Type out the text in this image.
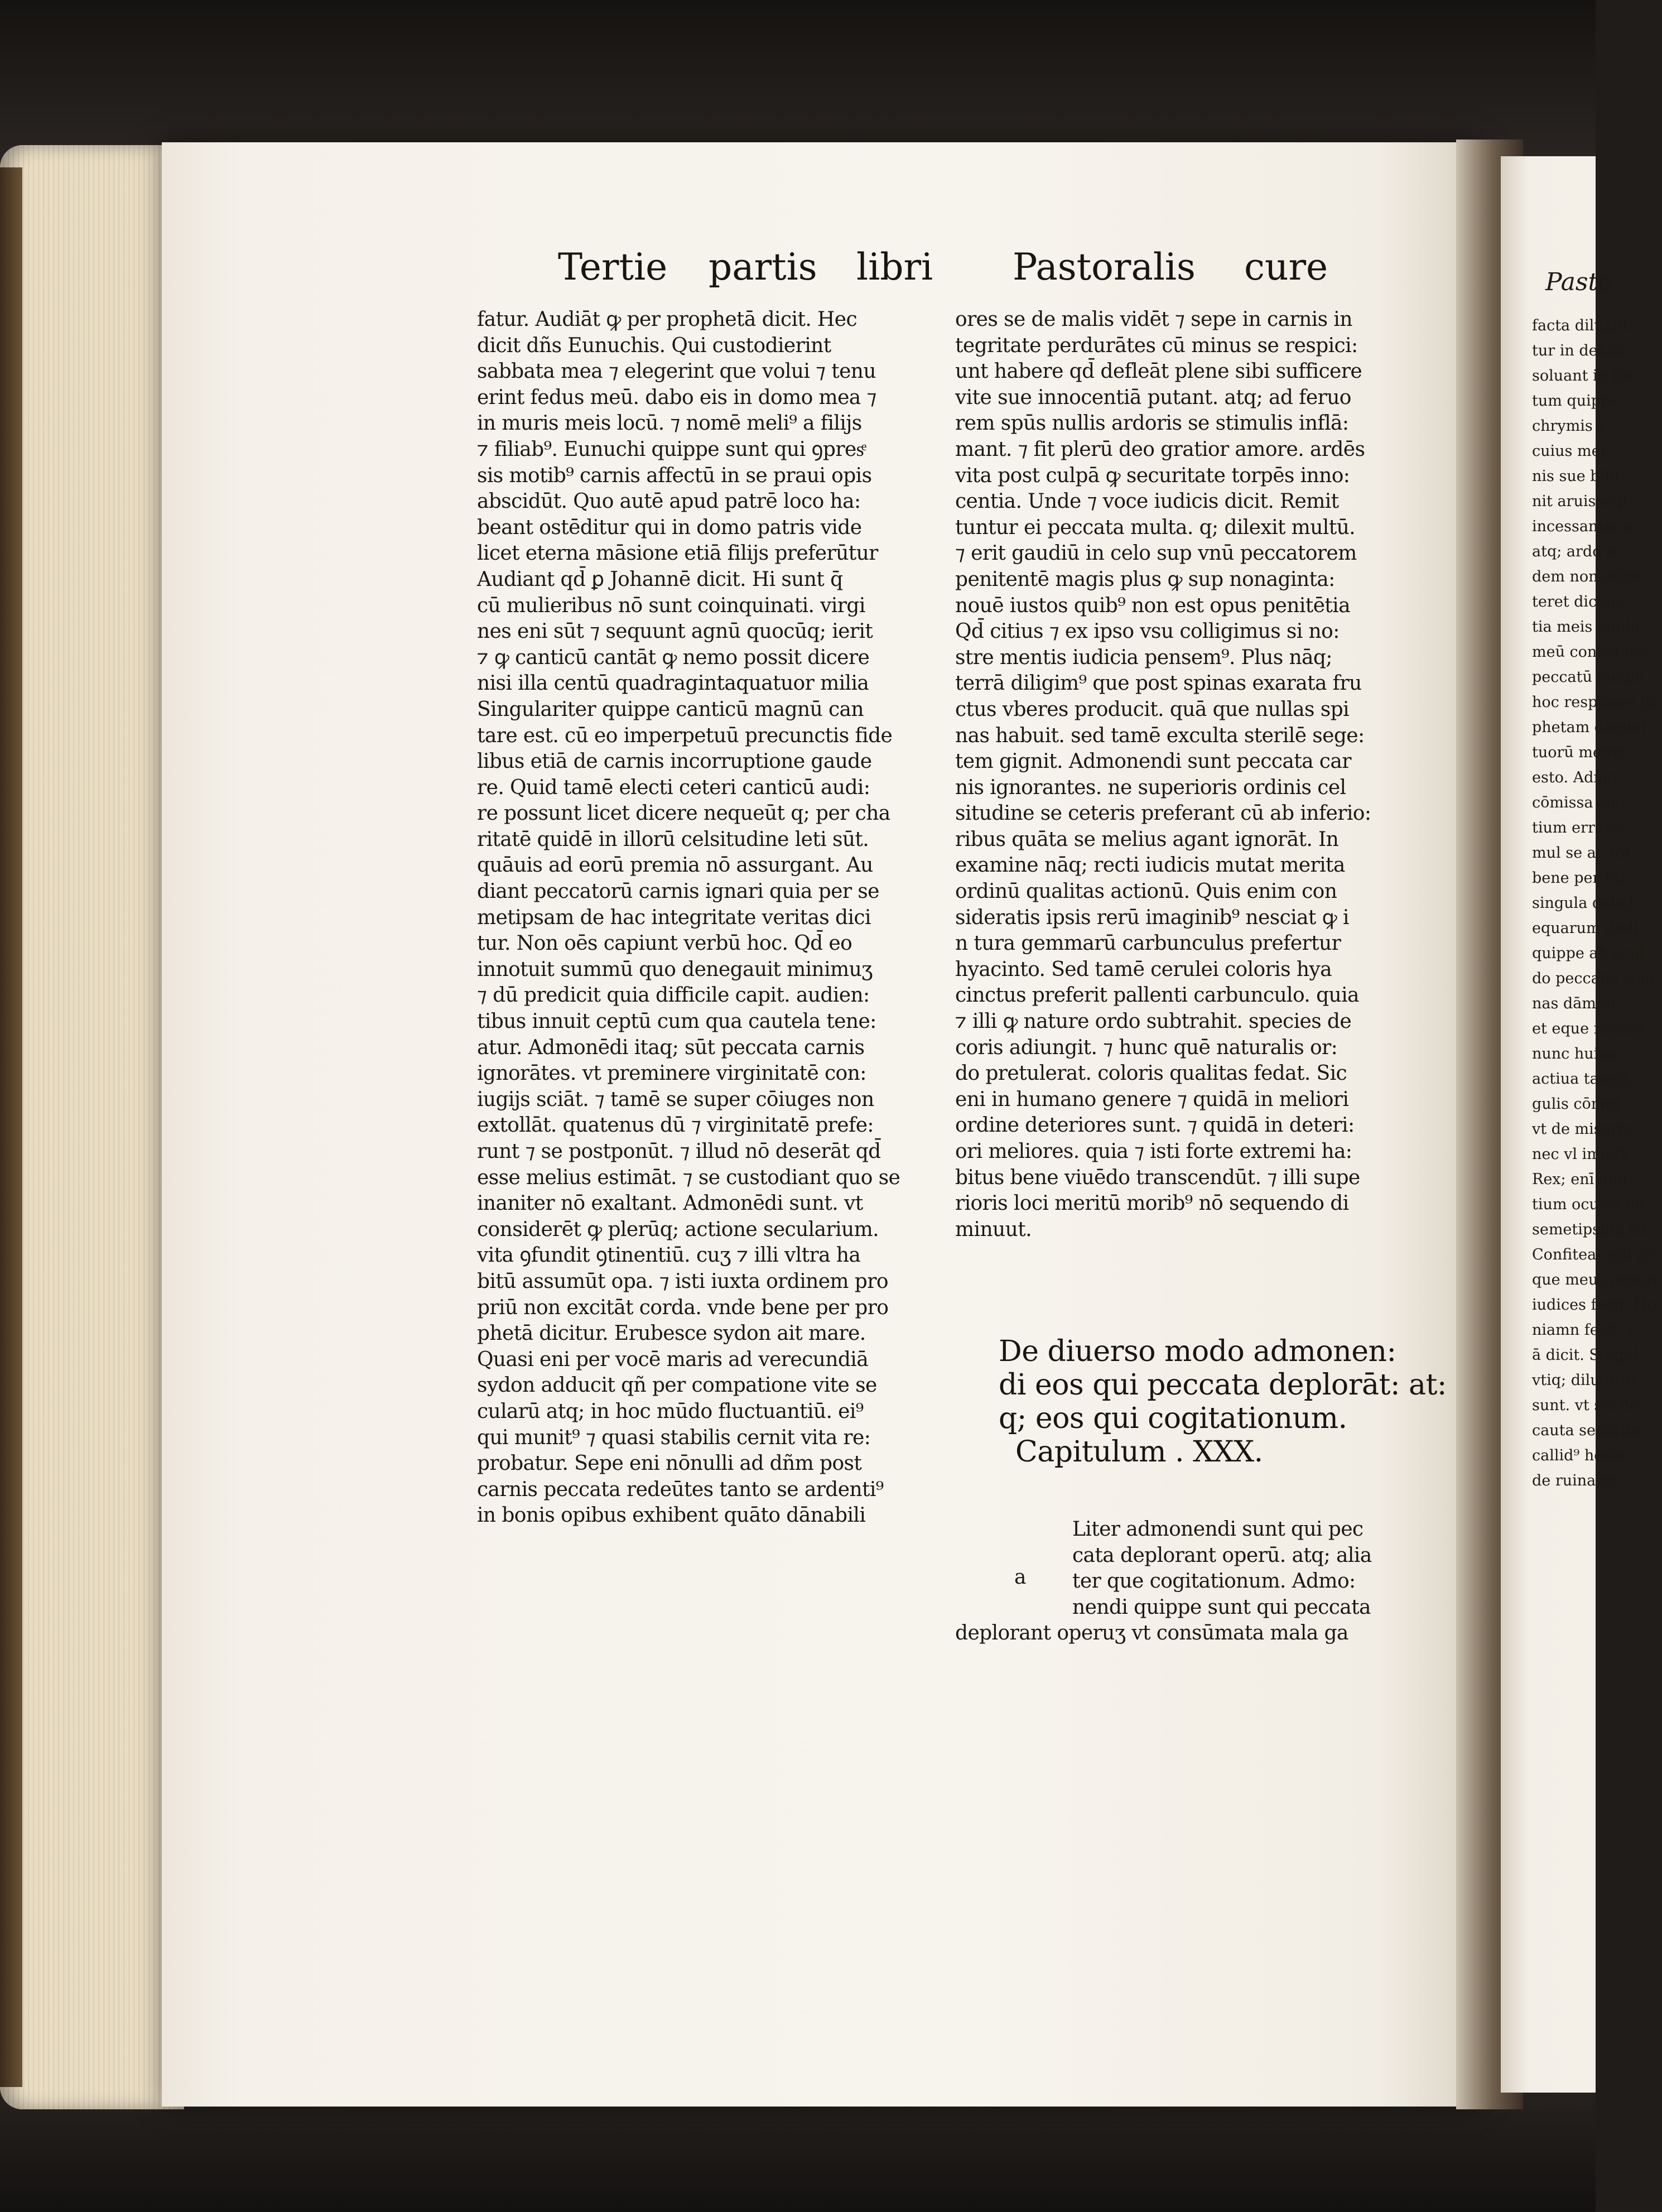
Pasto
facta diluant
tur in debito
soluant in fle
tum quippe
chrymis ⁊
cuius mer
nis sue bibi
nit aruisse p
incessanter e
atq; ardo a
dem non debe
teret dicens.
tia meis paulo
meū contra me
peccatū meum
hoc respicere ip
phetam domini
tuorū memo
esto. Admo
cōmissa con
tium erroris
mul se ac tot
bene per his
singula delict
equarum dedi
quippe ab ocul
do peccatis sing
nas dāmnū.
et eque menso
nunc huius
actiua tangit
gulis cōmot
vt de miseric
nec vl imode
Rex; enī don
tium oculos fle
semetipsum ca
Confitear enī gr
que meus miserc
iudices fecit. Ho
niamn fecit. C
ā dicit. Singul
vtiq; diluditur
sunt. vt sic de
cauta securita
callid⁹ hoste
de ruina su
Tertie partis libri Pastoralis cure
fatur. Audiāt ꝙ per prophetā dicit. Hec
dicit dñs Eunuchis. Qui custodierint
sabbata mea ⁊ elegerint que volui ⁊ tenu
erint fedus meū. dabo eis in domo mea ⁊
in muris meis locū. ⁊ nomē meli⁹ a filijs
⁊ filiab⁹. Eunuchi quippe sunt qui ꝯpresͤ
sis motib⁹ carnis affectū in se praui opis
abscidūt. Quo autē apud patrē loco ha:
beant ostēditur qui in domo patris vide
licet eterna māsione etiā filijs preferūtur
Audiant qd̄ ꝑ Johannē dicit. Hi sunt q̄
cū mulieribus nō sunt coinquinati. virgi
nes eni sūt ⁊ sequunt agnū quocūq; ierit
⁊ ꝙ canticū cantāt ꝙ nemo possit dicere
nisi illa centū quadragintaquatuor milia
Singulariter quippe canticū magnū can
tare est. cū eo imperpetuū precunctis fide
libus etiā de carnis incorruptione gaude
re. Quid tamē electi ceteri canticū audi:
re possunt licet dicere nequeūt q; per cha
ritatē quidē in illorū celsitudine leti sūt.
quāuis ad eorū premia nō assurgant. Au
diant peccatorū carnis ignari quia per se
metipsam de hac integritate veritas dici
tur. Non oēs capiunt verbū hoc. Qd̄ eo
innotuit summū quo denegauit minimuʒ
⁊ dū predicit quia difficile capit. audien:
tibus innuit ceptū cum qua cautela tene:
atur. Admonēdi itaq; sūt peccata carnis
ignorātes. vt preminere virginitatē con:
iugijs sciāt. ⁊ tamē se super cōiuges non
extollāt. quatenus dū ⁊ virginitatē prefe:
runt ⁊ se postponūt. ⁊ illud nō deserāt qd̄
esse melius estimāt. ⁊ se custodiant quo se
inaniter nō exaltant. Admonēdi sunt. vt
considerēt ꝙ plerūq; actione secularium.
vita ꝯfundit ꝯtinentiū. cuʒ ⁊ illi vltra ha
bitū assumūt opa. ⁊ isti iuxta ordinem pro
priū non excitāt corda. vnde bene per pro
phetā dicitur. Erubesce sydon ait mare.
Quasi eni per vocē maris ad verecundiā
sydon adducit qñ per compatione vite se
cularū atq; in hoc mūdo fluctuantiū. ei⁹
qui munit⁹ ⁊ quasi stabilis cernit vita re:
probatur. Sepe eni nōnulli ad dñm post
carnis peccata redeūtes tanto se ardenti⁹
in bonis opibus exhibent quāto dānabili
ores se de malis vidēt ⁊ sepe in carnis in
tegritate perdurātes cū minus se respici:
unt habere qd̄ defleāt plene sibi sufficere
vite sue innocentiā putant. atq; ad feruo
rem spūs nullis ardoris se stimulis inflā:
mant. ⁊ fit plerū deo gratior amore. ardēs
vita post culpā ꝙ securitate torpēs inno:
centia. Unde ⁊ voce iudicis dicit. Remit
tuntur ei peccata multa. q; dilexit multū.
⁊ erit gaudiū in celo sup vnū peccatorem
penitentē magis plus ꝙ sup nonaginta:
nouē iustos quib⁹ non est opus penitētia
Qd̄ citius ⁊ ex ipso vsu colligimus si no:
stre mentis iudicia pensem⁹. Plus nāq;
terrā diligim⁹ que post spinas exarata fru
ctus vberes producit. quā que nullas spi
nas habuit. sed tamē exculta sterilē sege:
tem gignit. Admonendi sunt peccata car
nis ignorantes. ne superioris ordinis cel
situdine se ceteris preferant cū ab inferio:
ribus quāta se melius agant ignorāt. In
examine nāq; recti iudicis mutat merita
ordinū qualitas actionū. Quis enim con
sideratis ipsis rerū imaginib⁹ nesciat ꝙ i
n tura gemmarū carbunculus prefertur
hyacinto. Sed tamē cerulei coloris hya
cinctus preferit pallenti carbunculo. quia
⁊ illi ꝙ nature ordo subtrahit. species de
coris adiungit. ⁊ hunc quē naturalis or:
do pretulerat. coloris qualitas fedat. Sic
eni in humano genere ⁊ quidā in meliori
ordine deteriores sunt. ⁊ quidā in deteri:
ori meliores. quia ⁊ isti forte extremi ha:
bitus bene viuēdo transcendūt. ⁊ illi supe
rioris loci meritū morib⁹ nō sequendo di
minuut.
De diuerso modo admonen:
di eos qui peccata deplorāt: at:
q; eos qui cogitationum.
Capitulum . XXX.
Liter admonendi sunt qui pec
cata deplorant operū. atq; alia
ter que cogitationum. Admo:
nendi quippe sunt qui peccata
deplorant operuʒ vt consūmata mala ga
a
